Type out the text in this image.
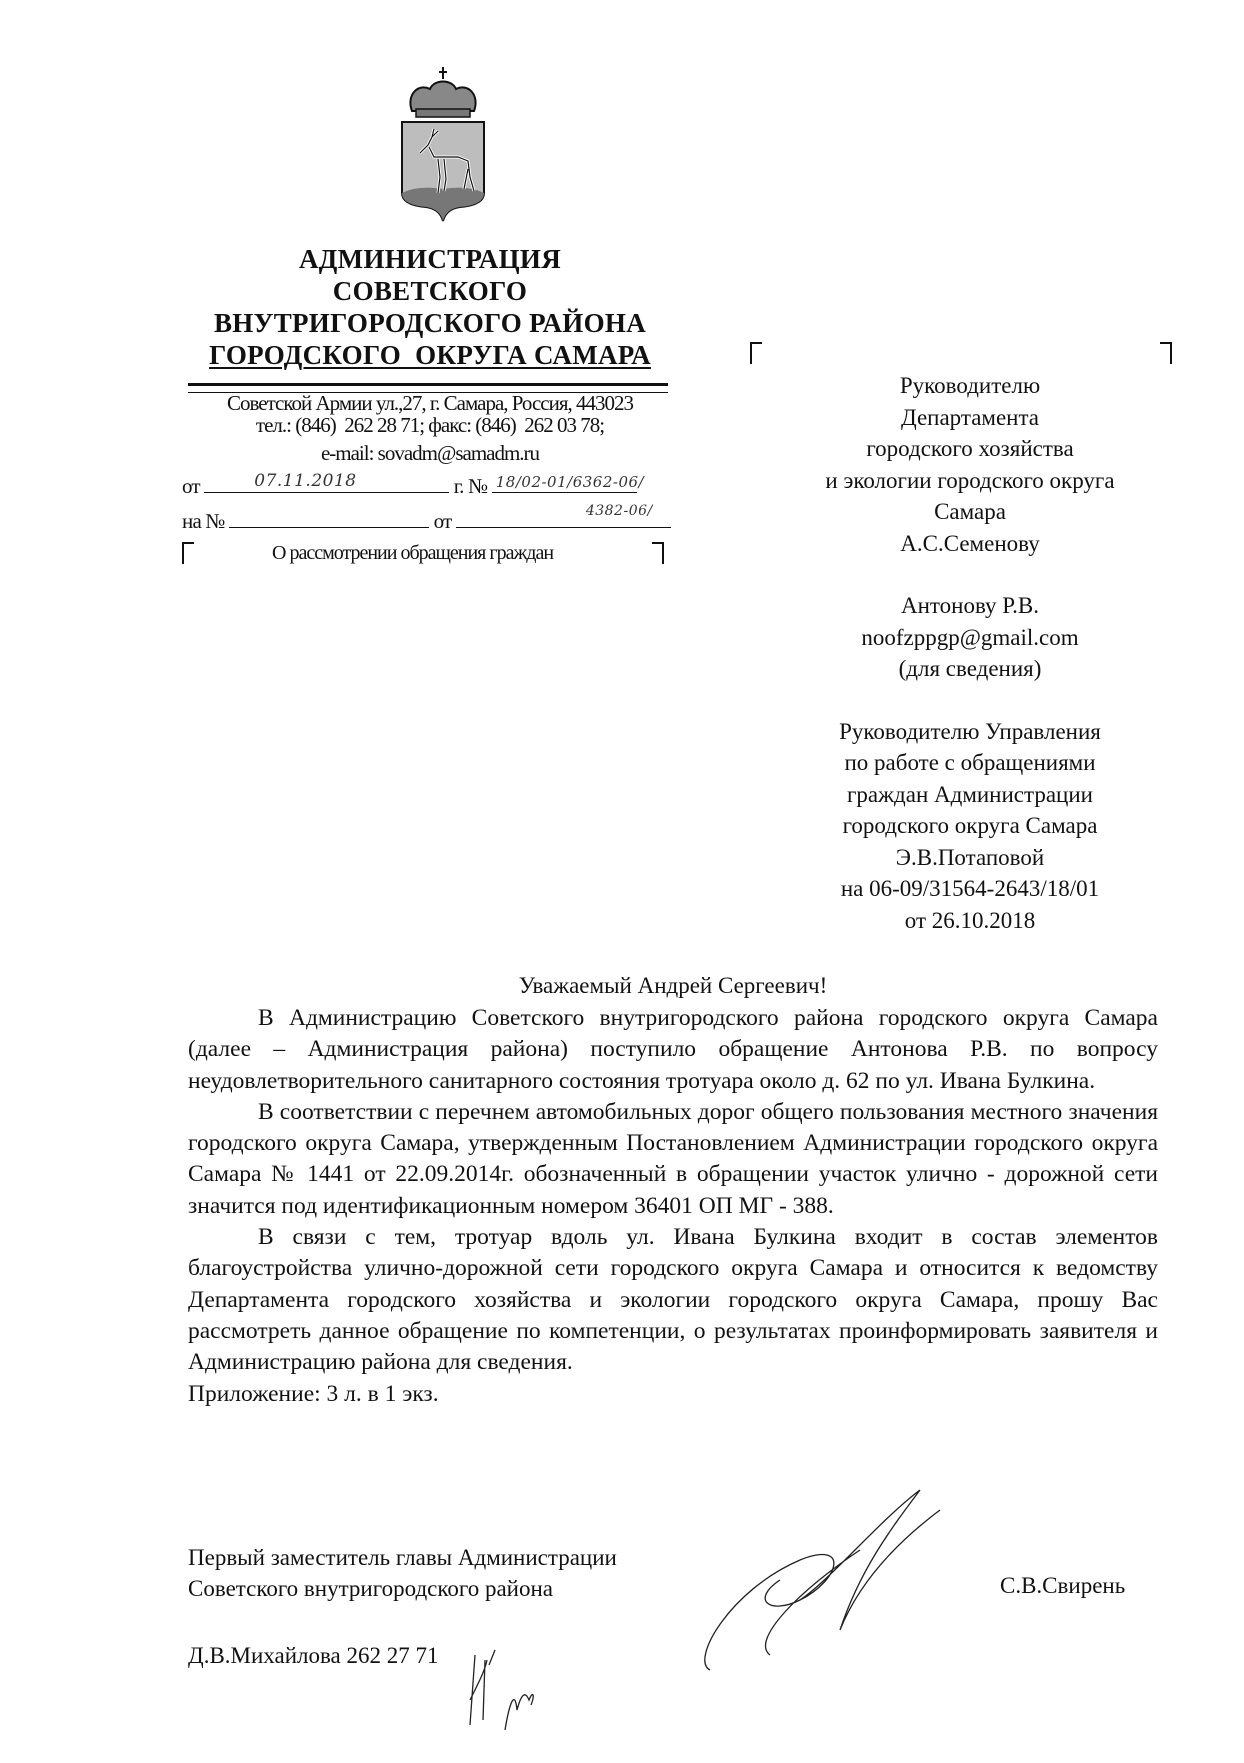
АДМИНИСТРАЦИЯ
СОВЕТСКОГО
ВНУТРИГОРОДСКОГО РАЙОНА
ГОРОДСКОГО  ОКРУГА САМАРА
Советской Армии ул.,27, г. Самара, Россия, 443023
тел.: (846)  262 28 71; факс: (846)  262 03 78;
e-mail: sovadm@samadm.ru
от	07.11.2018	г. № 18/02-01/6362-06/
на №	от	4382-06/
О рассмотрении обращения граждан
Руководителю
Департамента
городского хозяйства
и экологии городского округа
Самара
А.С.Семенову
Антонову Р.В.
noofzppgp@gmail.com
(для сведения)
Руководителю Управления
по работе с обращениями
граждан Администрации
городского округа Самара
Э.В.Потаповой
на 06-09/31564-2643/18/01
от 26.10.2018
Уважаемый Андрей Сергеевич!

В Администрацию Советского внутригородского района городского округа Самара (далее – Администрация района) поступило обращение Антонова Р.В. по вопросу неудовлетворительного санитарного состояния тротуара около д. 62 по ул. Ивана Булкина.

В соответствии с перечнем автомобильных дорог общего пользования местного значения городского округа Самара, утвержденным Постановлением Администрации городского округа Самара № 1441 от 22.09.2014г. обозначенный в обращении участок улично - дорожной сети значится под идентификационным номером 36401 ОП МГ - 388.

В связи с тем, тротуар вдоль ул. Ивана Булкина входит в состав элементов благоустройства улично-дорожной сети городского округа Самара и относится к ведомству Департамента городского хозяйства и экологии городского округа Самара, прошу Вас рассмотреть данное обращение по компетенции, о результатах проинформировать заявителя и Администрацию района для сведения.

Приложение: 3 л. в 1 экз.

Первый заместитель главы Администрации
Советского внутригородского района	С.В.Свирень
Д.В.Михайлова 262 27 71
